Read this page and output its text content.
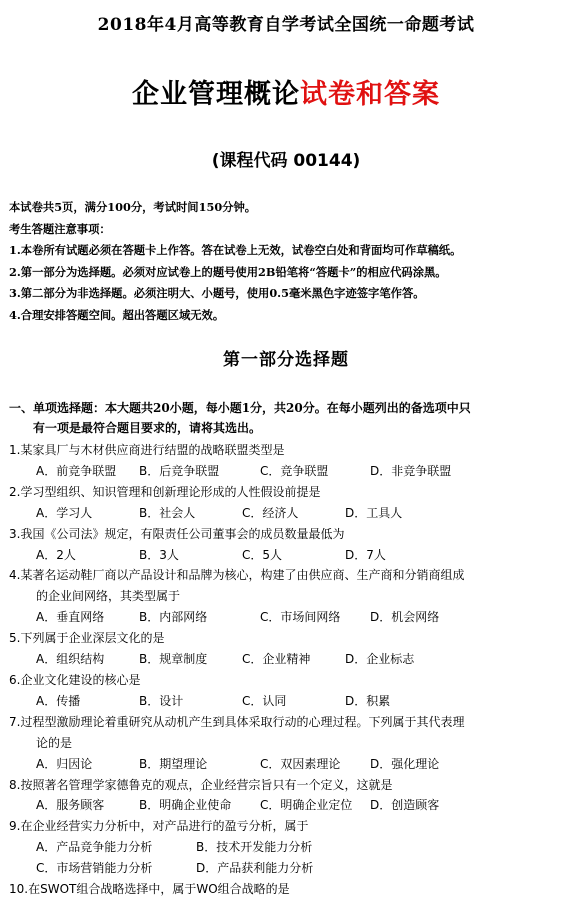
2018年4月高等教育自学考试全国统一命题考试
企业管理概论试卷和答案
(课程代码 00144)
本试卷共5页，满分100分，考试时间150分钟。
考生答题注意事项：
1.本卷所有试题必须在答题卡上作答。答在试卷上无效，试卷空白处和背面均可作草稿纸。
2.第一部分为选择题。必须对应试卷上的题号使用2B铅笔将“答题卡”的相应代码涂黑。
3.第二部分为非选择题。必须注明大、小题号，使用0.5毫米黑色字迹签字笔作答。
4.合理安排答题空间。超出答题区域无效。
第一部分选择题
一、单项选择题：本大题共20小题，每小题1分，共20分。在每小题列出的备选项中只
有一项是最符合题目要求的，请将其选出。
1.某家具厂与木材供应商进行结盟的战略联盟类型是
A．前竞争联盟 B．后竞争联盟	C．竞争联盟	D．非竞争联盟
2.学习型组织、知识管理和创新理论形成的人性假设前提是
A．学习人	B．社会人	C．经济人	D．工具人
3.我国《公司法》规定，有限责任公司董事会的成员数量最低为
A．2人	B．3人	C．5人	D．7人
4.某著名运动鞋厂商以产品设计和品牌为核心，构建了由供应商、生产商和分销商组成
的企业间网络，其类型属于
A．垂直网络	B．内部网络	C．市场间网络 D．机会网络
5.下列属于企业深层文化的是
A．组织结构	B．规章制度	C．企业精神	D．企业标志
6.企业文化建设的核心是
A．传播	B．设计	C．认同	D．积累
7.过程型激励理论着重研究从动机产生到具体采取行动的心理过程。下列属于其代表理
论的是
A．归因论	B．期望理论	C．双因素理论 D．强化理论
8.按照著名管理学家德鲁克的观点，企业经营宗旨只有一个定义，这就是
A．服务顾客	B．明确企业使命 C．明确企业定位 D．创造顾客
9.在企业经营实力分析中，对产品进行的盈亏分析，属于
A．产品竞争能力分析	B．技术开发能力分析
C．市场营销能力分析	D．产品获利能力分析
10.在SWOT组合战略选择中，属于WO组合战略的是
